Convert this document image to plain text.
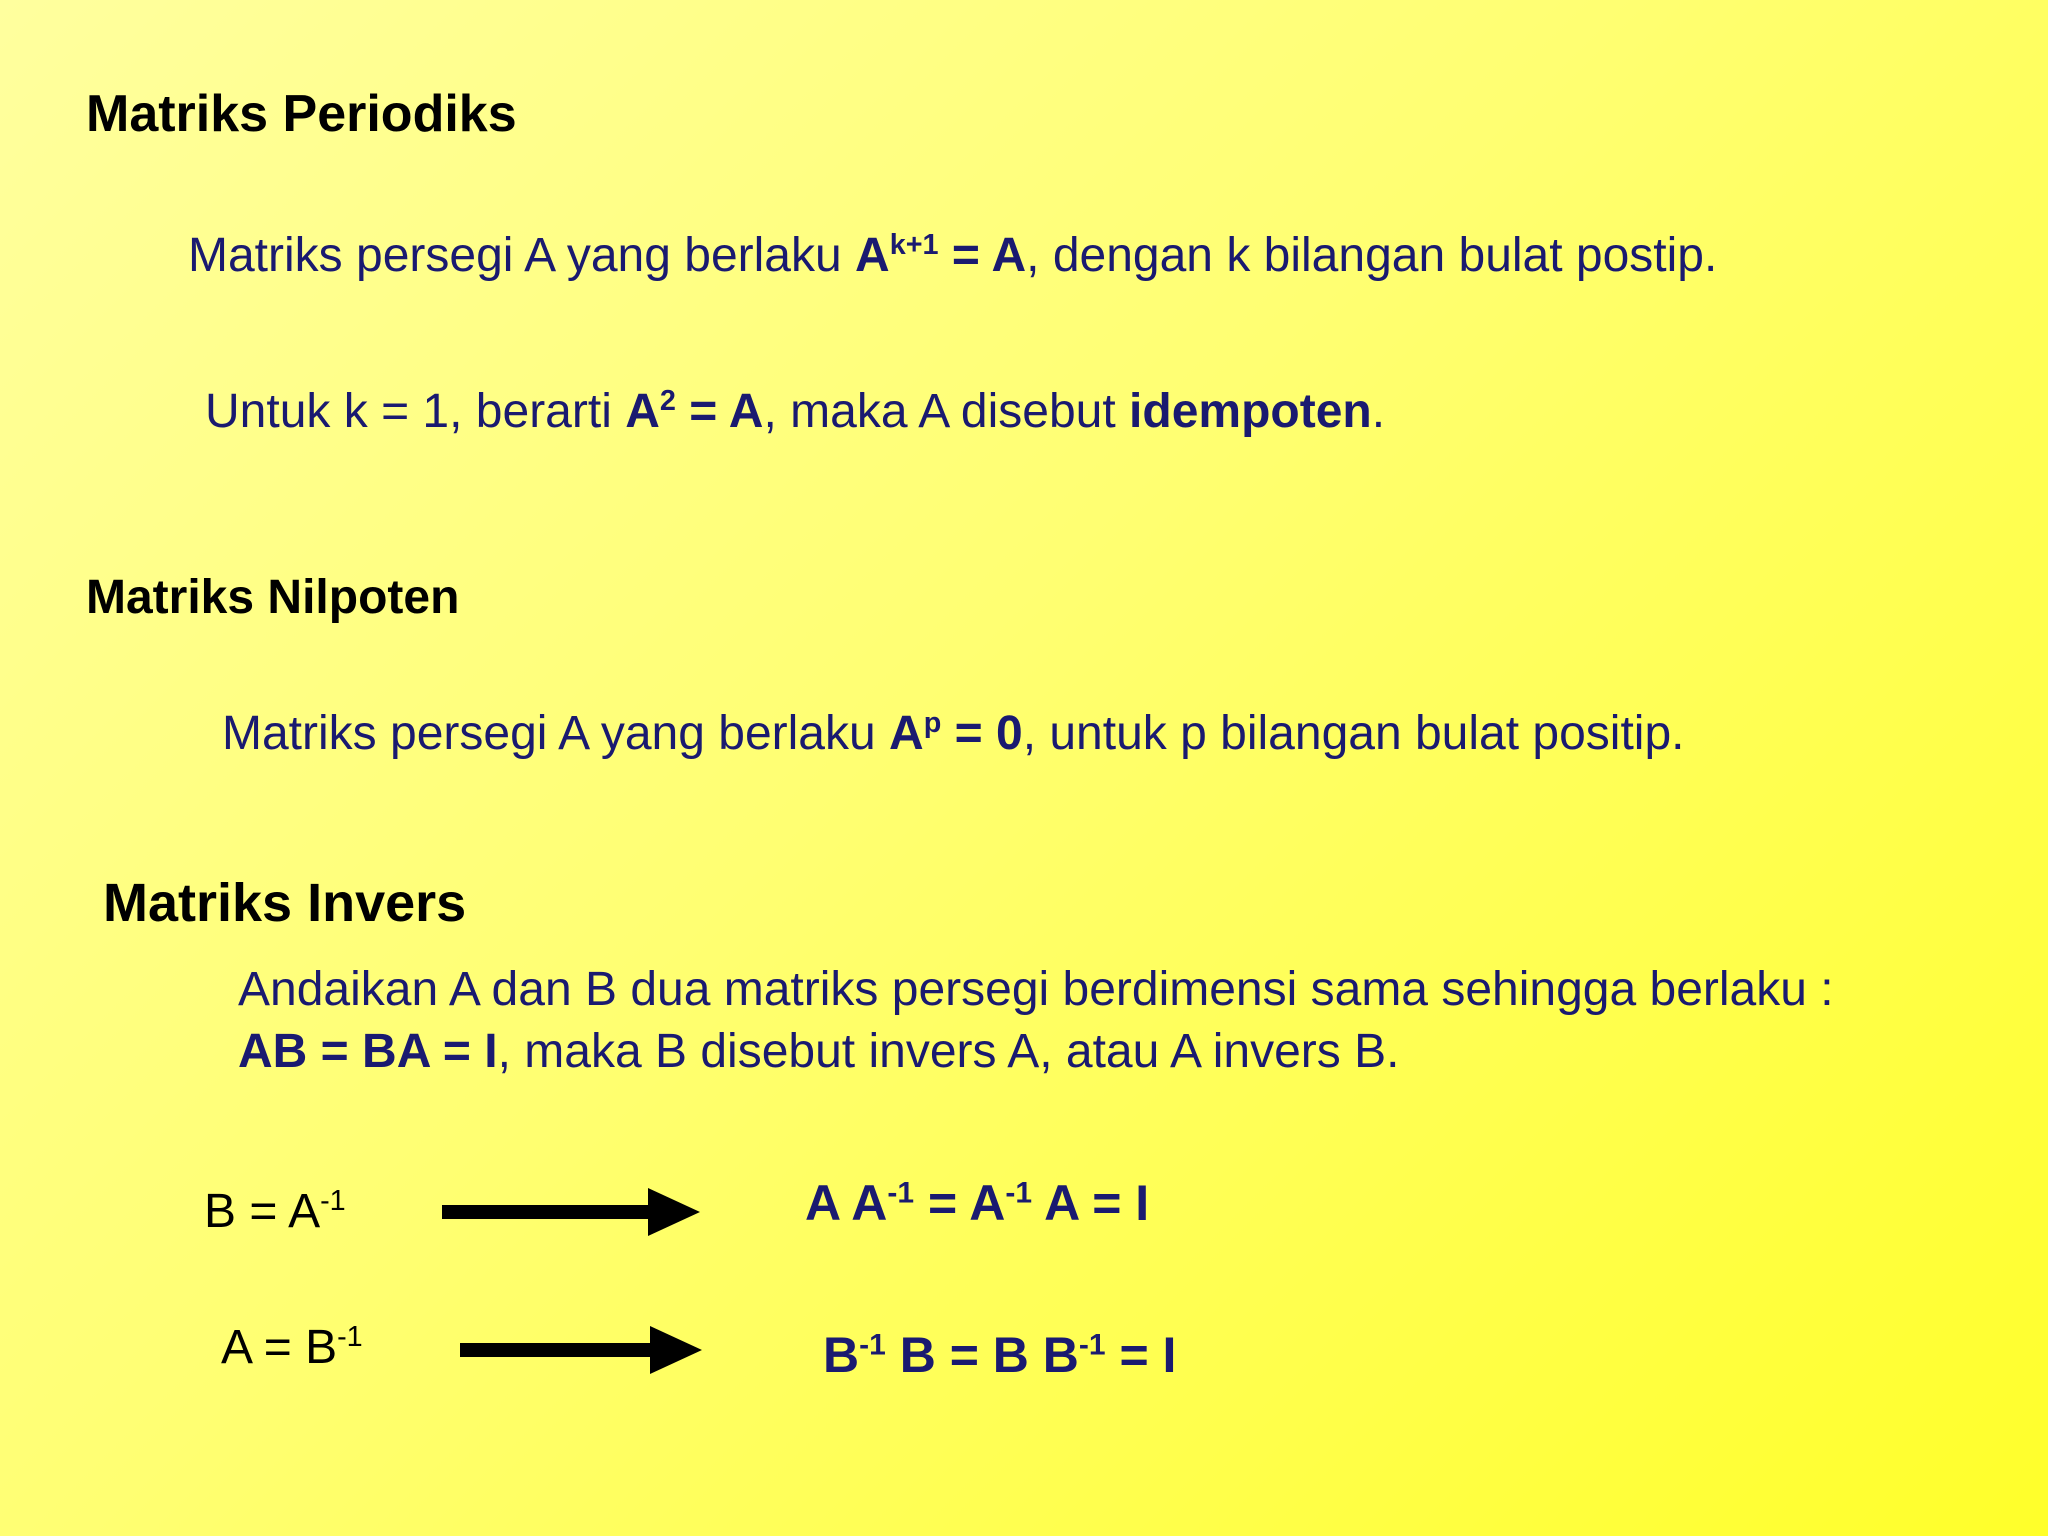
Matriks Periodiks
Matriks persegi A yang berlaku $A^{k+1} = A$, dengan k bilangan bulat postip.
Untuk k = 1, berarti $A^2 = A$, maka A disebut idempoten.
Matriks Nilpoten
Matriks persegi A yang berlaku $A^p = 0$, untuk p bilangan bulat positip.
Matriks Invers
Andaikan A dan B dua matriks persegi berdimensi sama sehingga berlaku :
AB = BA = I, maka B disebut invers A, atau A invers B.
$B = A^{-1}$	A $A^{-1} = A^{-1}$ A = I
$A = B^{-1}$	$B^{-1}$ B = B $B^{-1} = I$
